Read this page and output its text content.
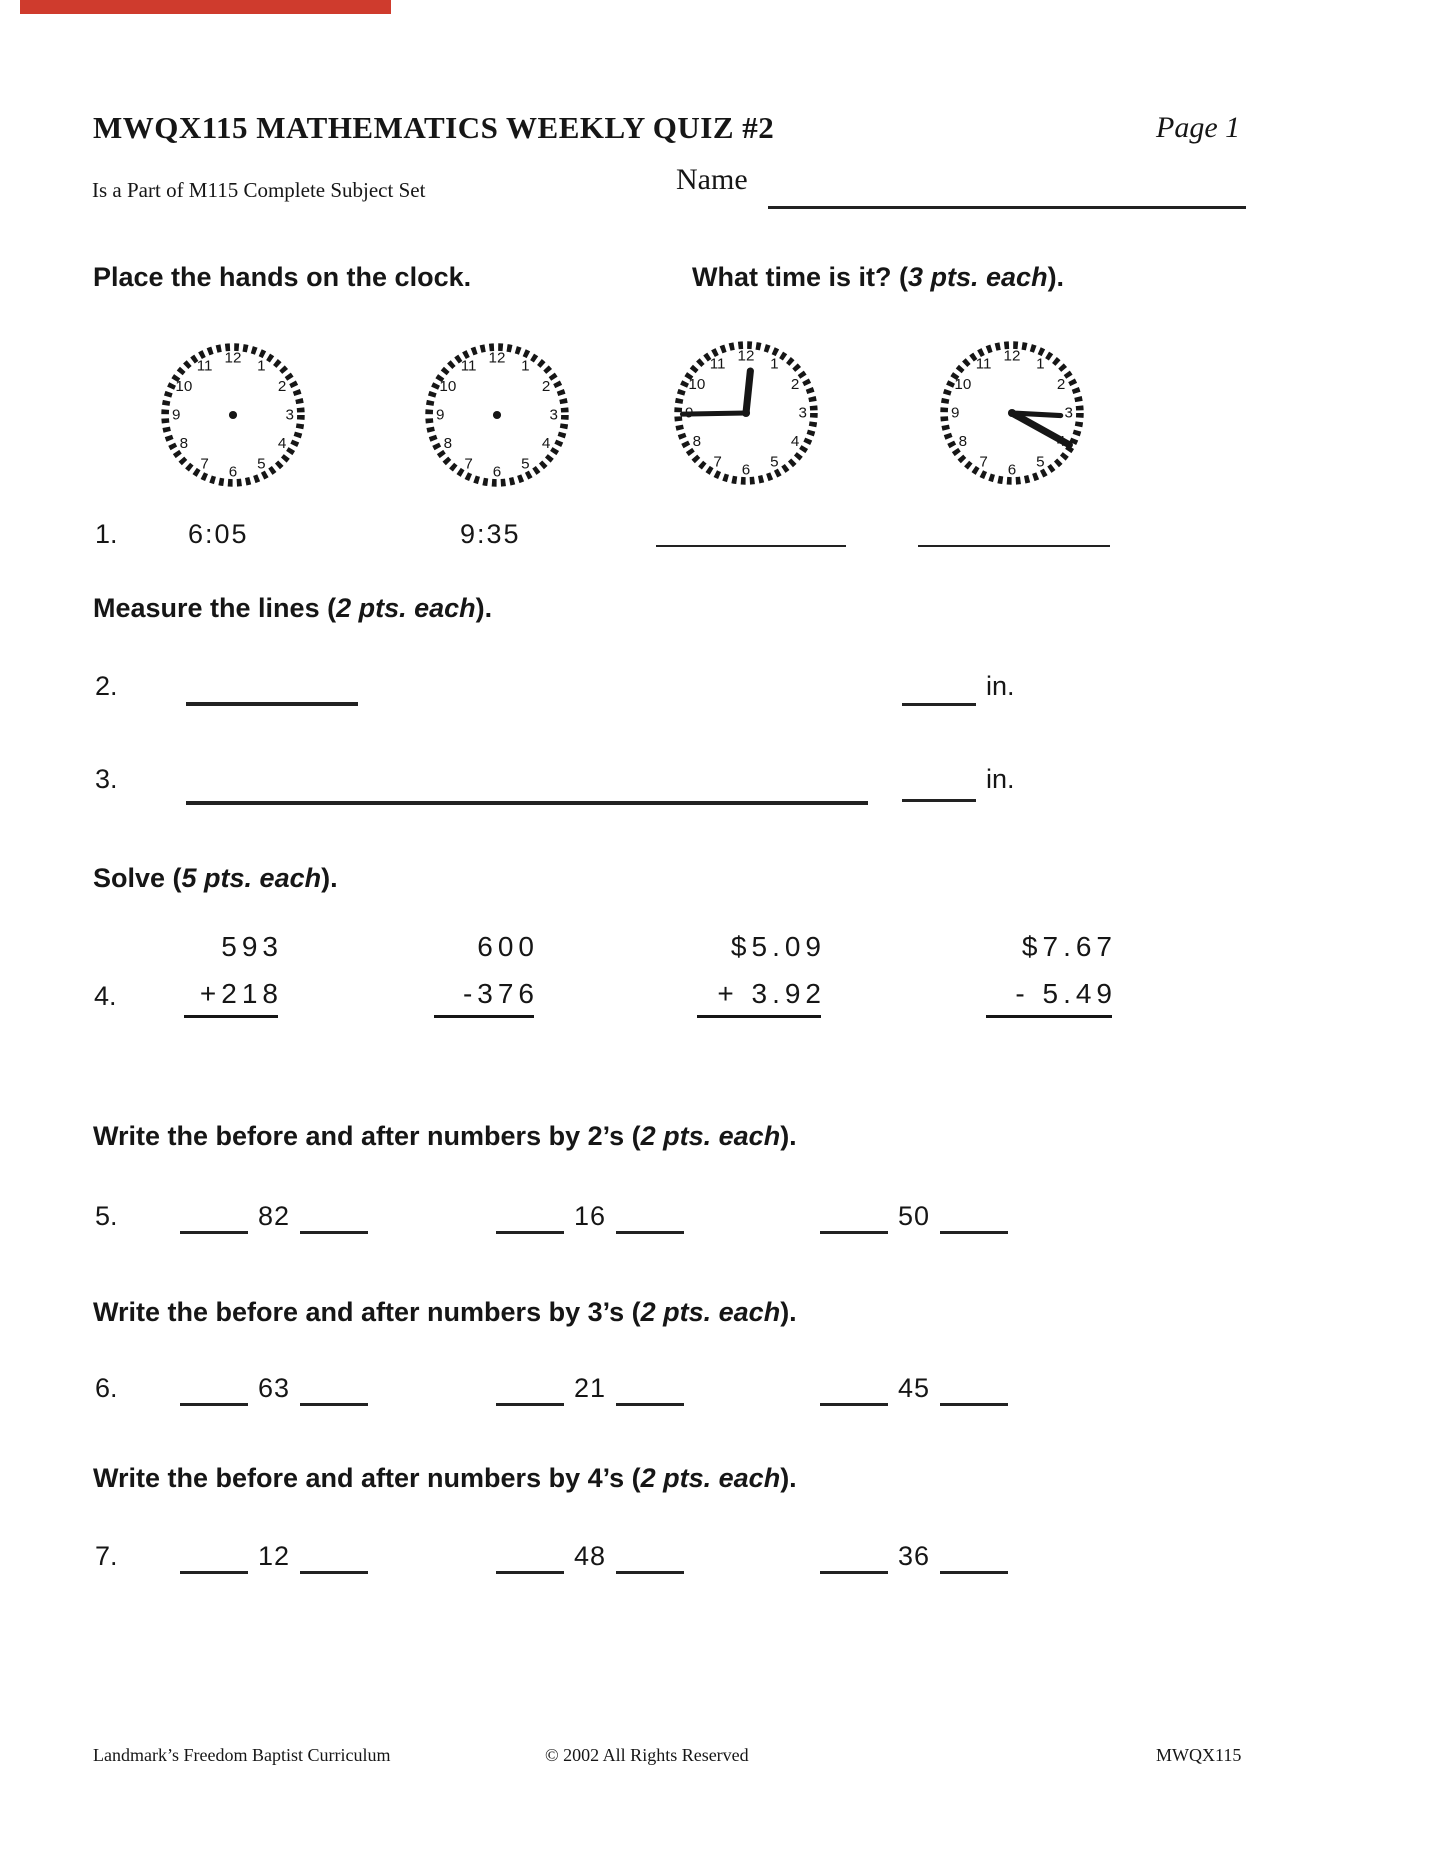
MWQX115 MATHEMATICS WEEKLY QUIZ #2	Page 1
Is a Part of M115 Complete Subject Set	Name
Place the hands on the clock.	What time is it? (3 pts. each).
12 1
2
3
4
5
6
7
8
9
10
11	12 1
2
3
4
5
6
7
8
9
10
11
12 1
2
3
4
5
6
7
8
10
11	12 1
2
3
5
6
7
8
9
10
11
1.	6:05	9:35
Measure the lines (2 pts. each).
2.	in.
3.	in.
Solve (5 pts. each).
4.
593
+218
600
-376
$5.09
+ 3.92
$7.67
- 5.49
Write the before and after numbers by 2’s (2 pts. each).
5.	82	16	50
Write the before and after numbers by 3’s (2 pts. each).
6.	63	21	45
Write the before and after numbers by 4’s (2 pts. each).
7.	12	48	36
Landmark’s Freedom Baptist Curriculum	© 2002 All Rights Reserved	MWQX115
